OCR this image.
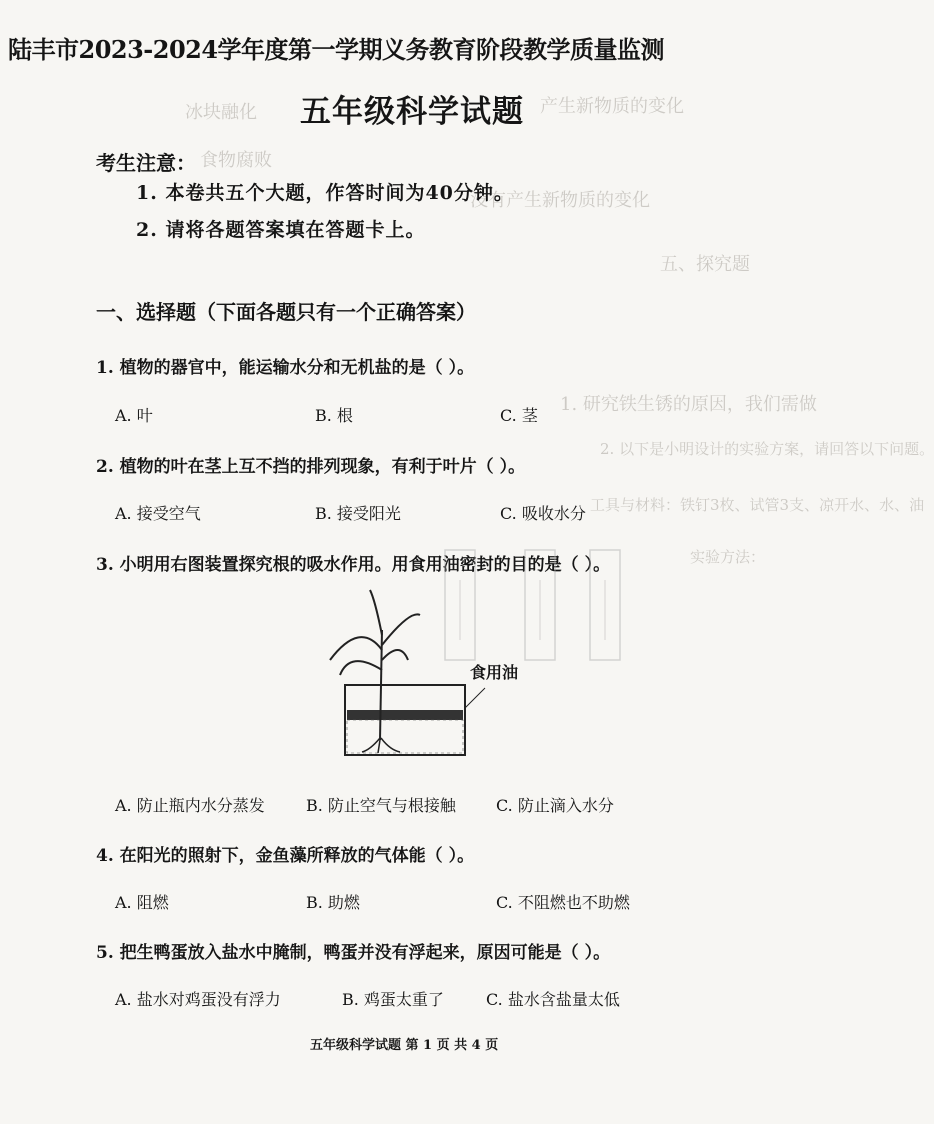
陆丰市2023-2024学年度第一学期义务教育阶段教学质量监测
五年级科学试题 产生新物质的变化
冰块融化
食物腐败
没有产生新物质的变化
五、探究题
1. 研究铁生锈的原因，我们需做
2. 以下是小明设计的实验方案，请回答以下问题。
工具与材料：铁钉3枚、试管3支、凉开水、水、油
实验方法：
考生注意：
1. 本卷共五个大题，作答时间为40分钟。
2. 请将各题答案填在答题卡上。
一、选择题（下面各题只有一个正确答案）
1. 植物的器官中，能运输水分和无机盐的是（ ）。
A. 叶	B. 根	C. 茎
2. 植物的叶在茎上互不挡的排列现象，有利于叶片（ ）。
A. 接受空气	B. 接受阳光	C. 吸收水分
3. 小明用右图装置探究根的吸水作用。用食用油密封的目的是（ ）。
食用油
A. 防止瓶内水分蒸发	B. 防止空气与根接触	C. 防止滴入水分
4. 在阳光的照射下，金鱼藻所释放的气体能（ ）。
A. 阻燃	B. 助燃	C. 不阻燃也不助燃
5. 把生鸭蛋放入盐水中腌制，鸭蛋并没有浮起来，原因可能是（ ）。
A. 盐水对鸡蛋没有浮力	B. 鸡蛋太重了	C. 盐水含盐量太低
五年级科学试题 第 1 页 共 4 页
